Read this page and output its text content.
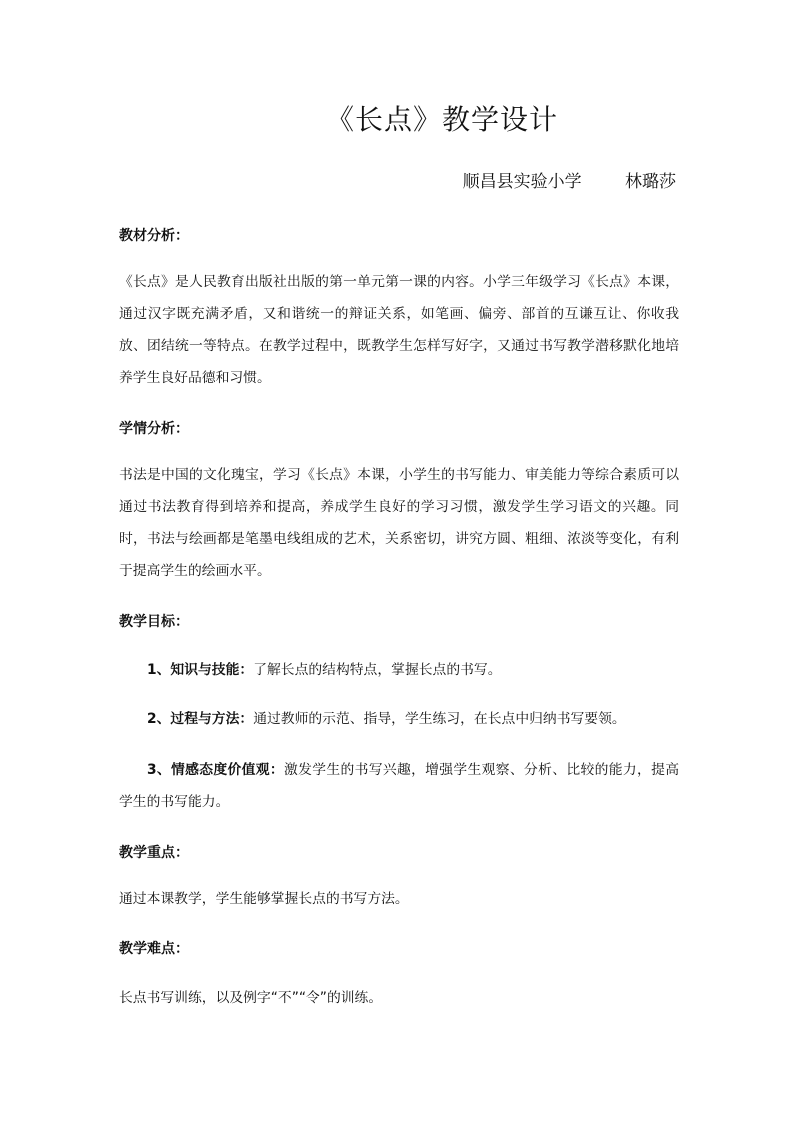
《长点》教学设计
顺昌县实验小学	林璐莎
教材分析：
《长点》是人民教育出版社出版的第一单元第一课的内容。小学三年级学习《长点》本课，通过汉字既充满矛盾，又和谐统一的辩证关系，如笔画、偏旁、部首的互谦互让、你收我放、团结统一等特点。在教学过程中，既教学生怎样写好字，又通过书写教学潜移默化地培养学生良好品德和习惯。
学情分析：
书法是中国的文化瑰宝，学习《长点》本课，小学生的书写能力、审美能力等综合素质可以通过书法教育得到培养和提高，养成学生良好的学习习惯，激发学生学习语文的兴趣。同时，书法与绘画都是笔墨电线组成的艺术，关系密切，讲究方圆、粗细、浓淡等变化，有利于提高学生的绘画水平。
教学目标：
1、知识与技能：了解长点的结构特点，掌握长点的书写。
2、过程与方法：通过教师的示范、指导，学生练习，在长点中归纳书写要领。
3、情感态度价值观：激发学生的书写兴趣，增强学生观察、分析、比较的能力，提高学生的书写能力。
教学重点：
通过本课教学，学生能够掌握长点的书写方法。
教学难点：
长点书写训练，以及例字“不”“令”的训练。
